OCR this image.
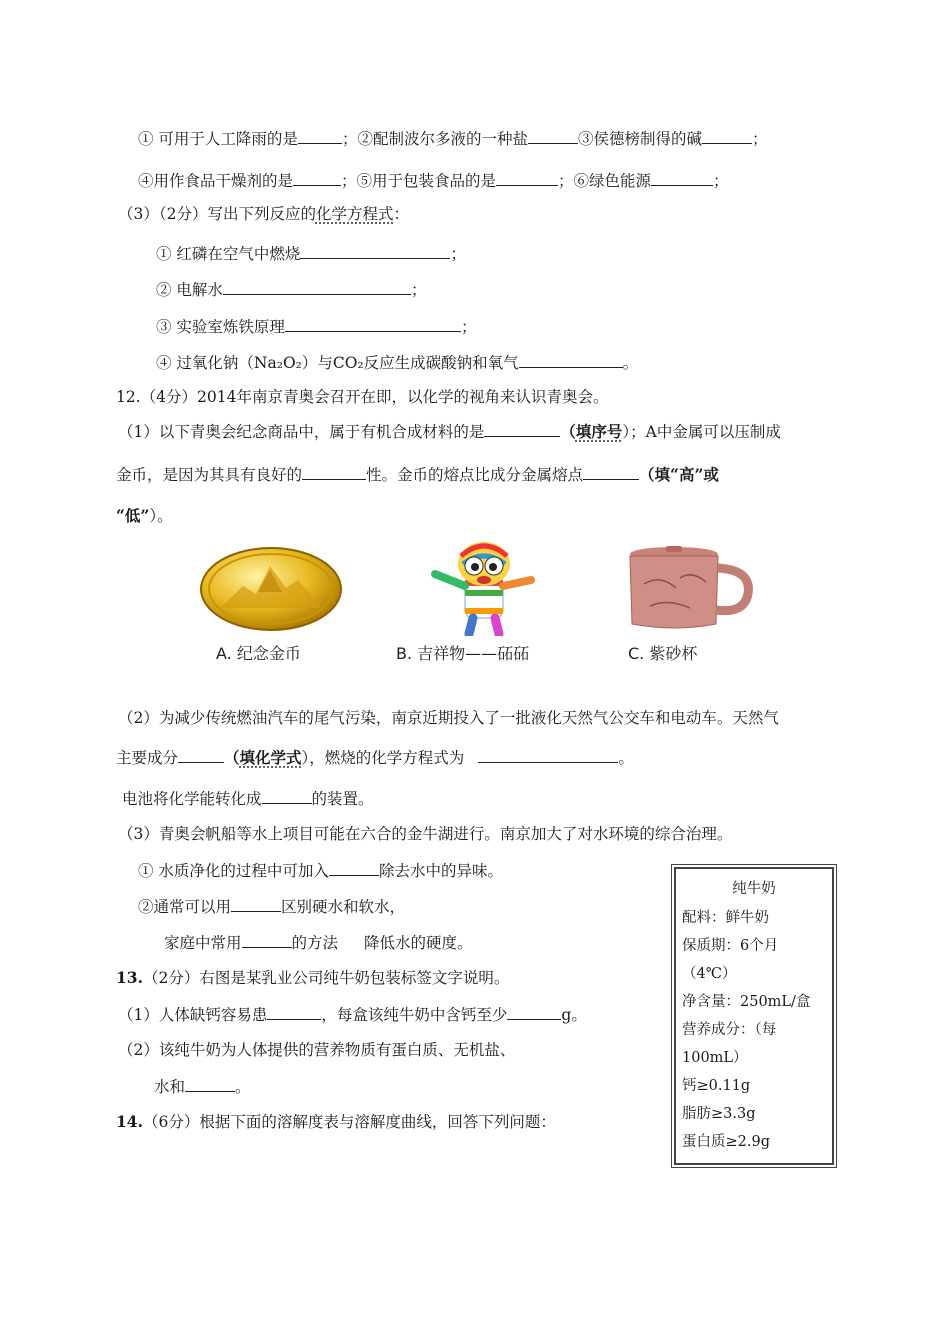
① 可用于人工降雨的是	；②配制波尔多液的一种盐	③侯德榜制得的碱	；
④用作食品干燥剂的是	；⑤用于包装食品的是	；⑥绿色能源	；
（3）（2分）写出下列反应的化学方程式：
① 红磷在空气中燃烧	；
② 电解水	；
③ 实验室炼铁原理	；
④ 过氧化钠（Na₂O₂）与CO₂反应生成碳酸钠和氧气	。
12.（4分）2014年南京青奥会召开在即，以化学的视角来认识青奥会。
（1）以下青奥会纪念商品中，属于有机合成材料的是	（填序号）；A中金属可以压制成
金币，是因为其具有良好的	性。金币的熔点比成分金属熔点	（填“高”或
“低”）。
A. 纪念金币	B. 吉祥物——砳砳	C. 紫砂杯
（2）为减少传统燃油汽车的尾气污染，南京近期投入了一批液化天然气公交车和电动车。天然气
主要成分	（填化学式），燃烧的化学方程式为	。
电池将化学能转化成	的装置。
（3）青奥会帆船等水上项目可能在六合的金牛湖进行。南京加大了对水环境的综合治理。
① 水质净化的过程中可加入	除去水中的异味。
②通常可以用	区别硬水和软水，
家庭中常用	的方法 降低水的硬度。
13.（2分）右图是某乳业公司纯牛奶包装标签文字说明。
（1）人体缺钙容易患	，每盒该纯牛奶中含钙至少	g。
（2）该纯牛奶为人体提供的营养物质有蛋白质、无机盐、
水和	。
14.（6分）根据下面的溶解度表与溶解度曲线，回答下列问题：
纯牛奶
配料：鲜牛奶
保质期：6个月
（4℃）
净含量：250mL/盒
营养成分：（每
100mL）
钙≥0.11g
脂肪≥3.3g
蛋白质≥2.9g
